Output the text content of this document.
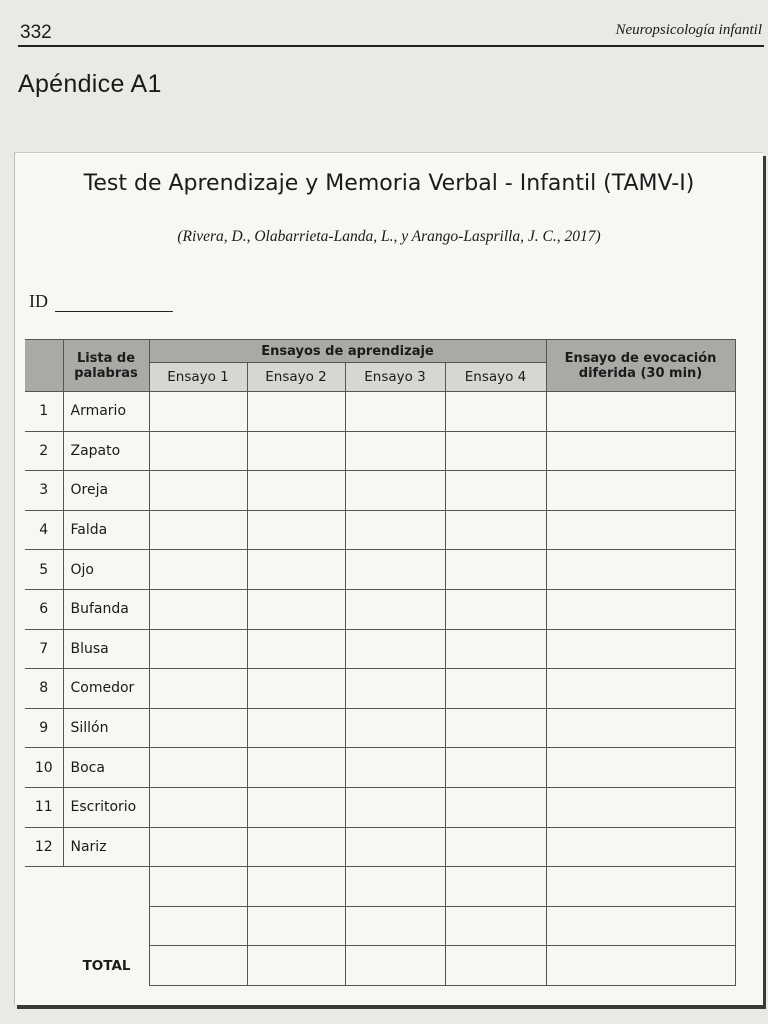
332	Neuropsicología infantil
Apéndice A1
Test de Aprendizaje y Memoria Verbal - Infantil (TAMV-I)
(Rivera, D., Olabarrieta-Landa, L., y Arango-Lasprilla, J. C., 2017)
ID
	Lista de palabras	Ensayos de aprendizaje				Ensayo de evocación diferida (30 min)
		Ensayo 1	Ensayo 2	Ensayo 3	Ensayo 4	
1	Armario					
2	Zapato					
3	Oreja					
4	Falda					
5	Ojo					
6	Bufanda					
7	Blusa					
8	Comedor					
9	Sillón					
10	Boca					
11	Escritorio					
12	Nariz					

TOTAL						
